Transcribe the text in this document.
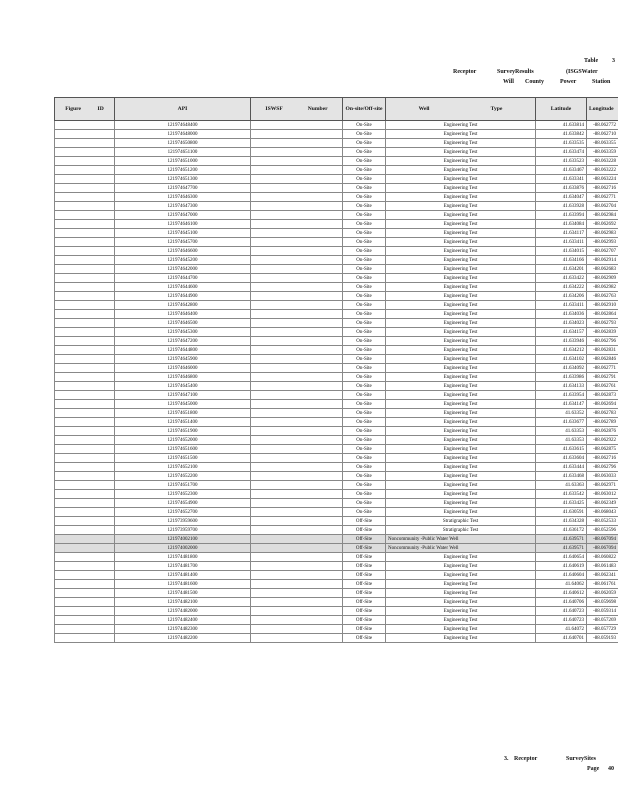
Table 3
Receptor	SurveyResults	(ISGSWater
Will County	Power	Station
Figure ID	API	ISWSF Number	On-site/Off-site	Well Type	Latitude	Longitude
	121974648400		On-Site	Engineering Test	41.633814	-88.062772
	121974648000		On-Site	Engineering Test	41.633842	-88.062710
	121974650800		On-Site	Engineering Test	41.633535	-88.063355
	121974651100		On-Site	Engineering Test	41.633474	-88.063359
	121974651000		On-Site	Engineering Test	41.633523	-88.063228
	121974651200		On-Site	Engineering Test	41.633467	-88.063222
	121974651300		On-Site	Engineering Test	41.633341	-88.063224
	121974647700		On-Site	Engineering Test	41.633876	-88.062716
	121974646300		On-Site	Engineering Test	41.634047	-88.062771
	121974647300		On-Site	Engineering Test	41.633928	-88.062704
	121974647000		On-Site	Engineering Test	41.633994	-88.062984
	121974646100		On-Site	Engineering Test	41.634084	-88.062692
	121974645100		On-Site	Engineering Test	41.634117	-88.062983
	121974645700		On-Site	Engineering Test	41.633411	-88.062993
	121974646600		On-Site	Engineering Test	41.634015	-88.062707
	121974645200		On-Site	Engineering Test	41.634166	-88.062914
	121974642000		On-Site	Engineering Test	41.634201	-88.062683
	121974644700		On-Site	Engineering Test	41.633422	-88.062909
	121974644600		On-Site	Engineering Test	41.634222	-88.062982
	121974644900		On-Site	Engineering Test	41.634206	-88.062763
	121974642800		On-Site	Engineering Test	41.633411	-88.062910
	121974646400		On-Site	Engineering Test	41.634036	-88.062864
	121974646500		On-Site	Engineering Test	41.634023	-88.062793
	121974645300		On-Site	Engineering Test	41.634157	-88.062839
	121974647200		On-Site	Engineering Test	41.633946	-88.062796
	121974644800		On-Site	Engineering Test	41.634212	-88.062831
	121974645900		On-Site	Engineering Test	41.634102	-88.062846
	121974646000		On-Site	Engineering Test	41.634092	-88.062771
	121974646800		On-Site	Engineering Test	41.633986	-88.062791
	121974645400		On-Site	Engineering Test	41.634133	-88.062761
	121974647100		On-Site	Engineering Test	41.633954	-88.062873
	121974645000		On-Site	Engineering Test	41.634147	-88.062694
	121974651800		On-Site	Engineering Test	41.63352	-88.062783
	121974651400		On-Site	Engineering Test	41.633677	-88.062789
	121974651900		On-Site	Engineering Test	41.63353	-88.062876
	121974652000		On-Site	Engineering Test	41.63353	-88.062922
	121974651600		On-Site	Engineering Test	41.633615	-88.062875
	121974651500		On-Site	Engineering Test	41.633604	-88.062716
	121974652100		On-Site	Engineering Test	41.633444	-88.062796
	121974652200		On-Site	Engineering Test	41.633468	-88.063033
	121974651700		On-Site	Engineering Test	41.63363	-88.062971
	121974652300		On-Site	Engineering Test	41.633542	-88.063012
	121974654900		On-Site	Engineering Test	41.633425	-88.062349
	121974652700		On-Site	Engineering Test	41.630591	-88.068043
	121973959600		Off-Site	Stratigraphic Test	41.634328	-88.052533
	121973959700		Off-Site	Stratigraphic Test	41.636172	-88.052596
	121974002100		Off-Site	Noncommunity -Public Water Well	41.639571	-88.067094
	121974002000		Off-Site	Noncommunity -Public Water Well	41.639571	-88.067094
	121974481800		Off-Site	Engineering Test	41.640654	-88.060822
	121974481700		Off-Site	Engineering Test	41.640619	-88.061483
	121974481400		Off-Site	Engineering Test	41.640604	-88.062341
	121974481600		Off-Site	Engineering Test	41.64062	-88.061761
	121974481500		Off-Site	Engineering Test	41.640612	-88.062059
	121974482100		Off-Site	Engineering Test	41.640706	-88.059698
	121974482000		Off-Site	Engineering Test	41.640723	-88.059314
	121974482400		Off-Site	Engineering Test	41.640723	-88.057269
	121974482300		Off-Site	Engineering Test	41.64072	-88.057729
	121974482200		Off-Site	Engineering Test	41.640701	-88.059193
3. Receptor	SurveySites
Page 40
